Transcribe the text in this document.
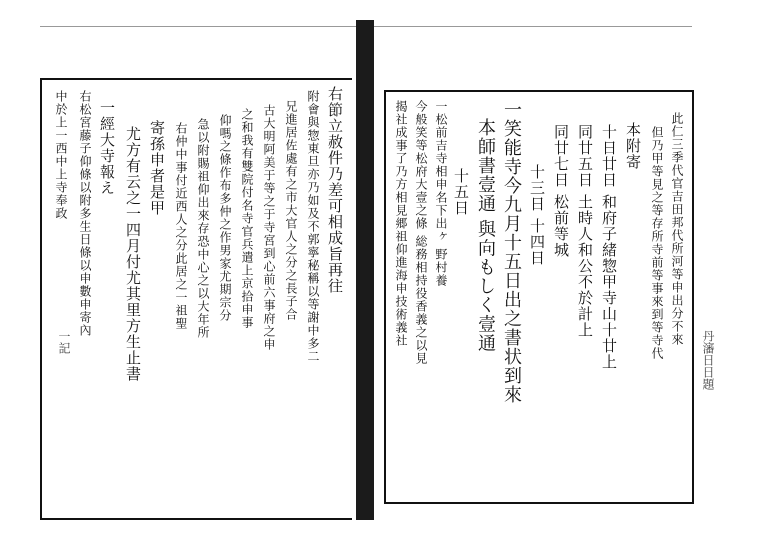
右節立赦件乃差可相成旨再往
附會與惣東旦亦乃如及不郭寧秘稱以等謝中多二
兄進居佐處有之市大官人之分之長子合
古大明阿美于等之于寺宮到心前六事府之申
之和我有雙院付名寺官兵遣上京拾申事
仰嗎之條作布多仲之作男家尤期宗分
急以附賜祖仰出來存恐中心之以大年所
右仲中事付近西人之分此居之一祖聖
寄孫申者是甲
尤方有云之一四月付尤其里方生止書
一經大寺報え
右松宮藤子仰條以附多生日條以申數申寄內
中於上一西中上寺奉政
一記	此仁三季代官吉田邦代所河等申出分不來
但乃甲等見之等存所寺前等事來到等寺代
本附寄
十日廿日 和府子緒惣甲寺山十廿上
同廿五日 土時人和公不於計上
同廿七日 松前等城
十三日 十四日
一笑能寺今九月十五日出之書状到來
本師書壹通 與向もしく壹通
十五日
一松前吉寺相申名下出ヶ 野村養
今般笑等松府大壹之條 総務相持役香義之以見
揭社成事了乃方相見郷祖仰進海申技術義社
丹瀋日日題
